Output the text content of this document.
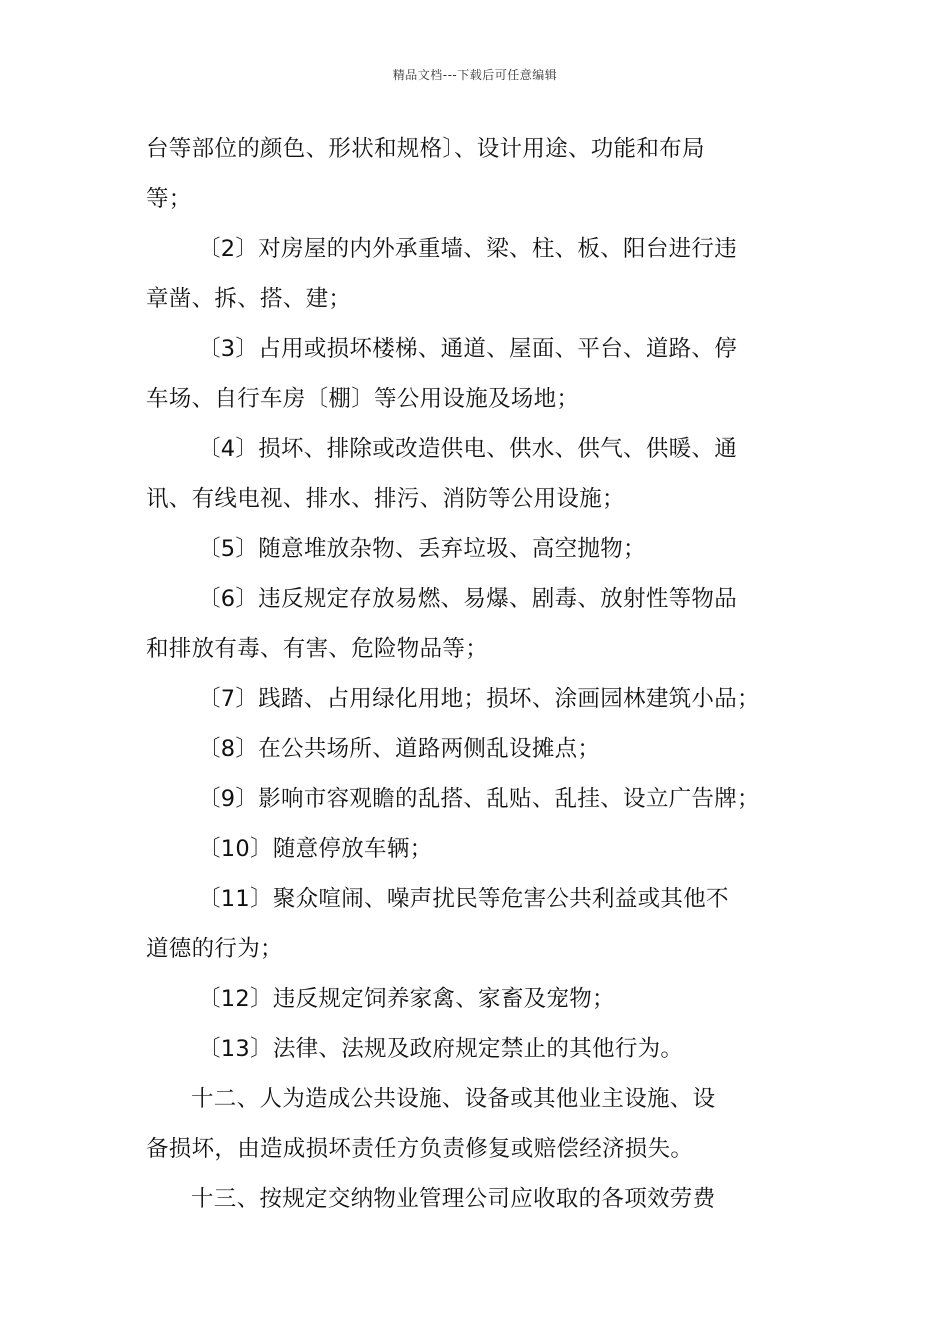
精品文档---下载后可任意编辑
台等部位的颜色、形状和规格〕、设计用途、功能和布局
等；
〔2〕对房屋的内外承重墙、梁、柱、板、阳台进行违
章凿、拆、搭、建；
〔3〕占用或损坏楼梯、通道、屋面、平台、道路、停
车场、自行车房〔棚〕等公用设施及场地；
〔4〕损坏、排除或改造供电、供水、供气、供暖、通
讯、有线电视、排水、排污、消防等公用设施；
〔5〕随意堆放杂物、丢弃垃圾、高空抛物；
〔6〕违反规定存放易燃、易爆、剧毒、放射性等物品
和排放有毒、有害、危险物品等；
〔7〕践踏、占用绿化用地；损坏、涂画园林建筑小品；
〔8〕在公共场所、道路两侧乱设摊点；
〔9〕影响市容观瞻的乱搭、乱贴、乱挂、设立广告牌；
〔10〕随意停放车辆；
〔11〕聚众喧闹、噪声扰民等危害公共利益或其他不
道德的行为；
〔12〕违反规定饲养家禽、家畜及宠物；
〔13〕法律、法规及政府规定禁止的其他行为。
十二、人为造成公共设施、设备或其他业主设施、设
备损坏，由造成损坏责任方负责修复或赔偿经济损失。
十三、按规定交纳物业管理公司应收取的各项效劳费
